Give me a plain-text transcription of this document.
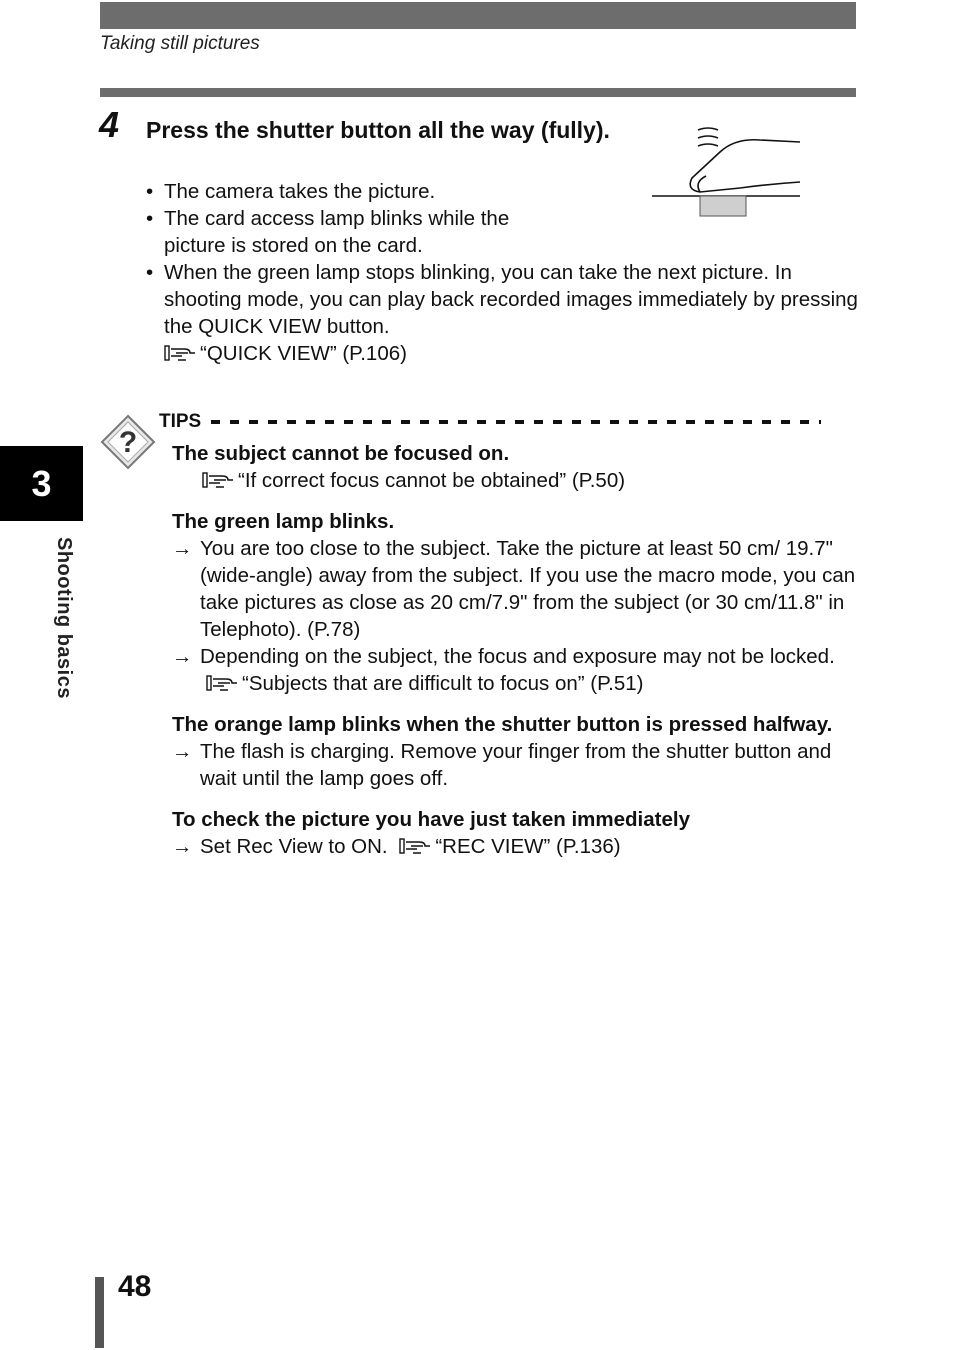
Taking still pictures
4 Press the shutter button all the way (fully).
• The camera takes the picture.
• The card access lamp blinks while the picture is stored on the card.
• When the green lamp stops blinking, you can take the next picture. In shooting mode, you can play back recorded images immediately by pressing the QUICK VIEW button.
“QUICK VIEW” (P.106)
?
TIPS
The subject cannot be focused on.
“If correct focus cannot be obtained” (P.50)
The green lamp blinks.
→ You are too close to the subject. Take the picture at least 50 cm/ 19.7" (wide-angle) away from the subject. If you use the macro mode, you can take pictures as close as 20 cm/7.9" from the subject (or 30 cm/11.8" in Telephoto). (P.78)
→ Depending on the subject, the focus and exposure may not be locked. “Subjects that are difficult to focus on” (P.51)
The orange lamp blinks when the shutter button is pressed halfway.
→ The flash is charging. Remove your finger from the shutter button and wait until the lamp goes off.
To check the picture you have just taken immediately
→ Set Rec View to ON. “REC VIEW” (P.136)
3
Shooting basics
48
